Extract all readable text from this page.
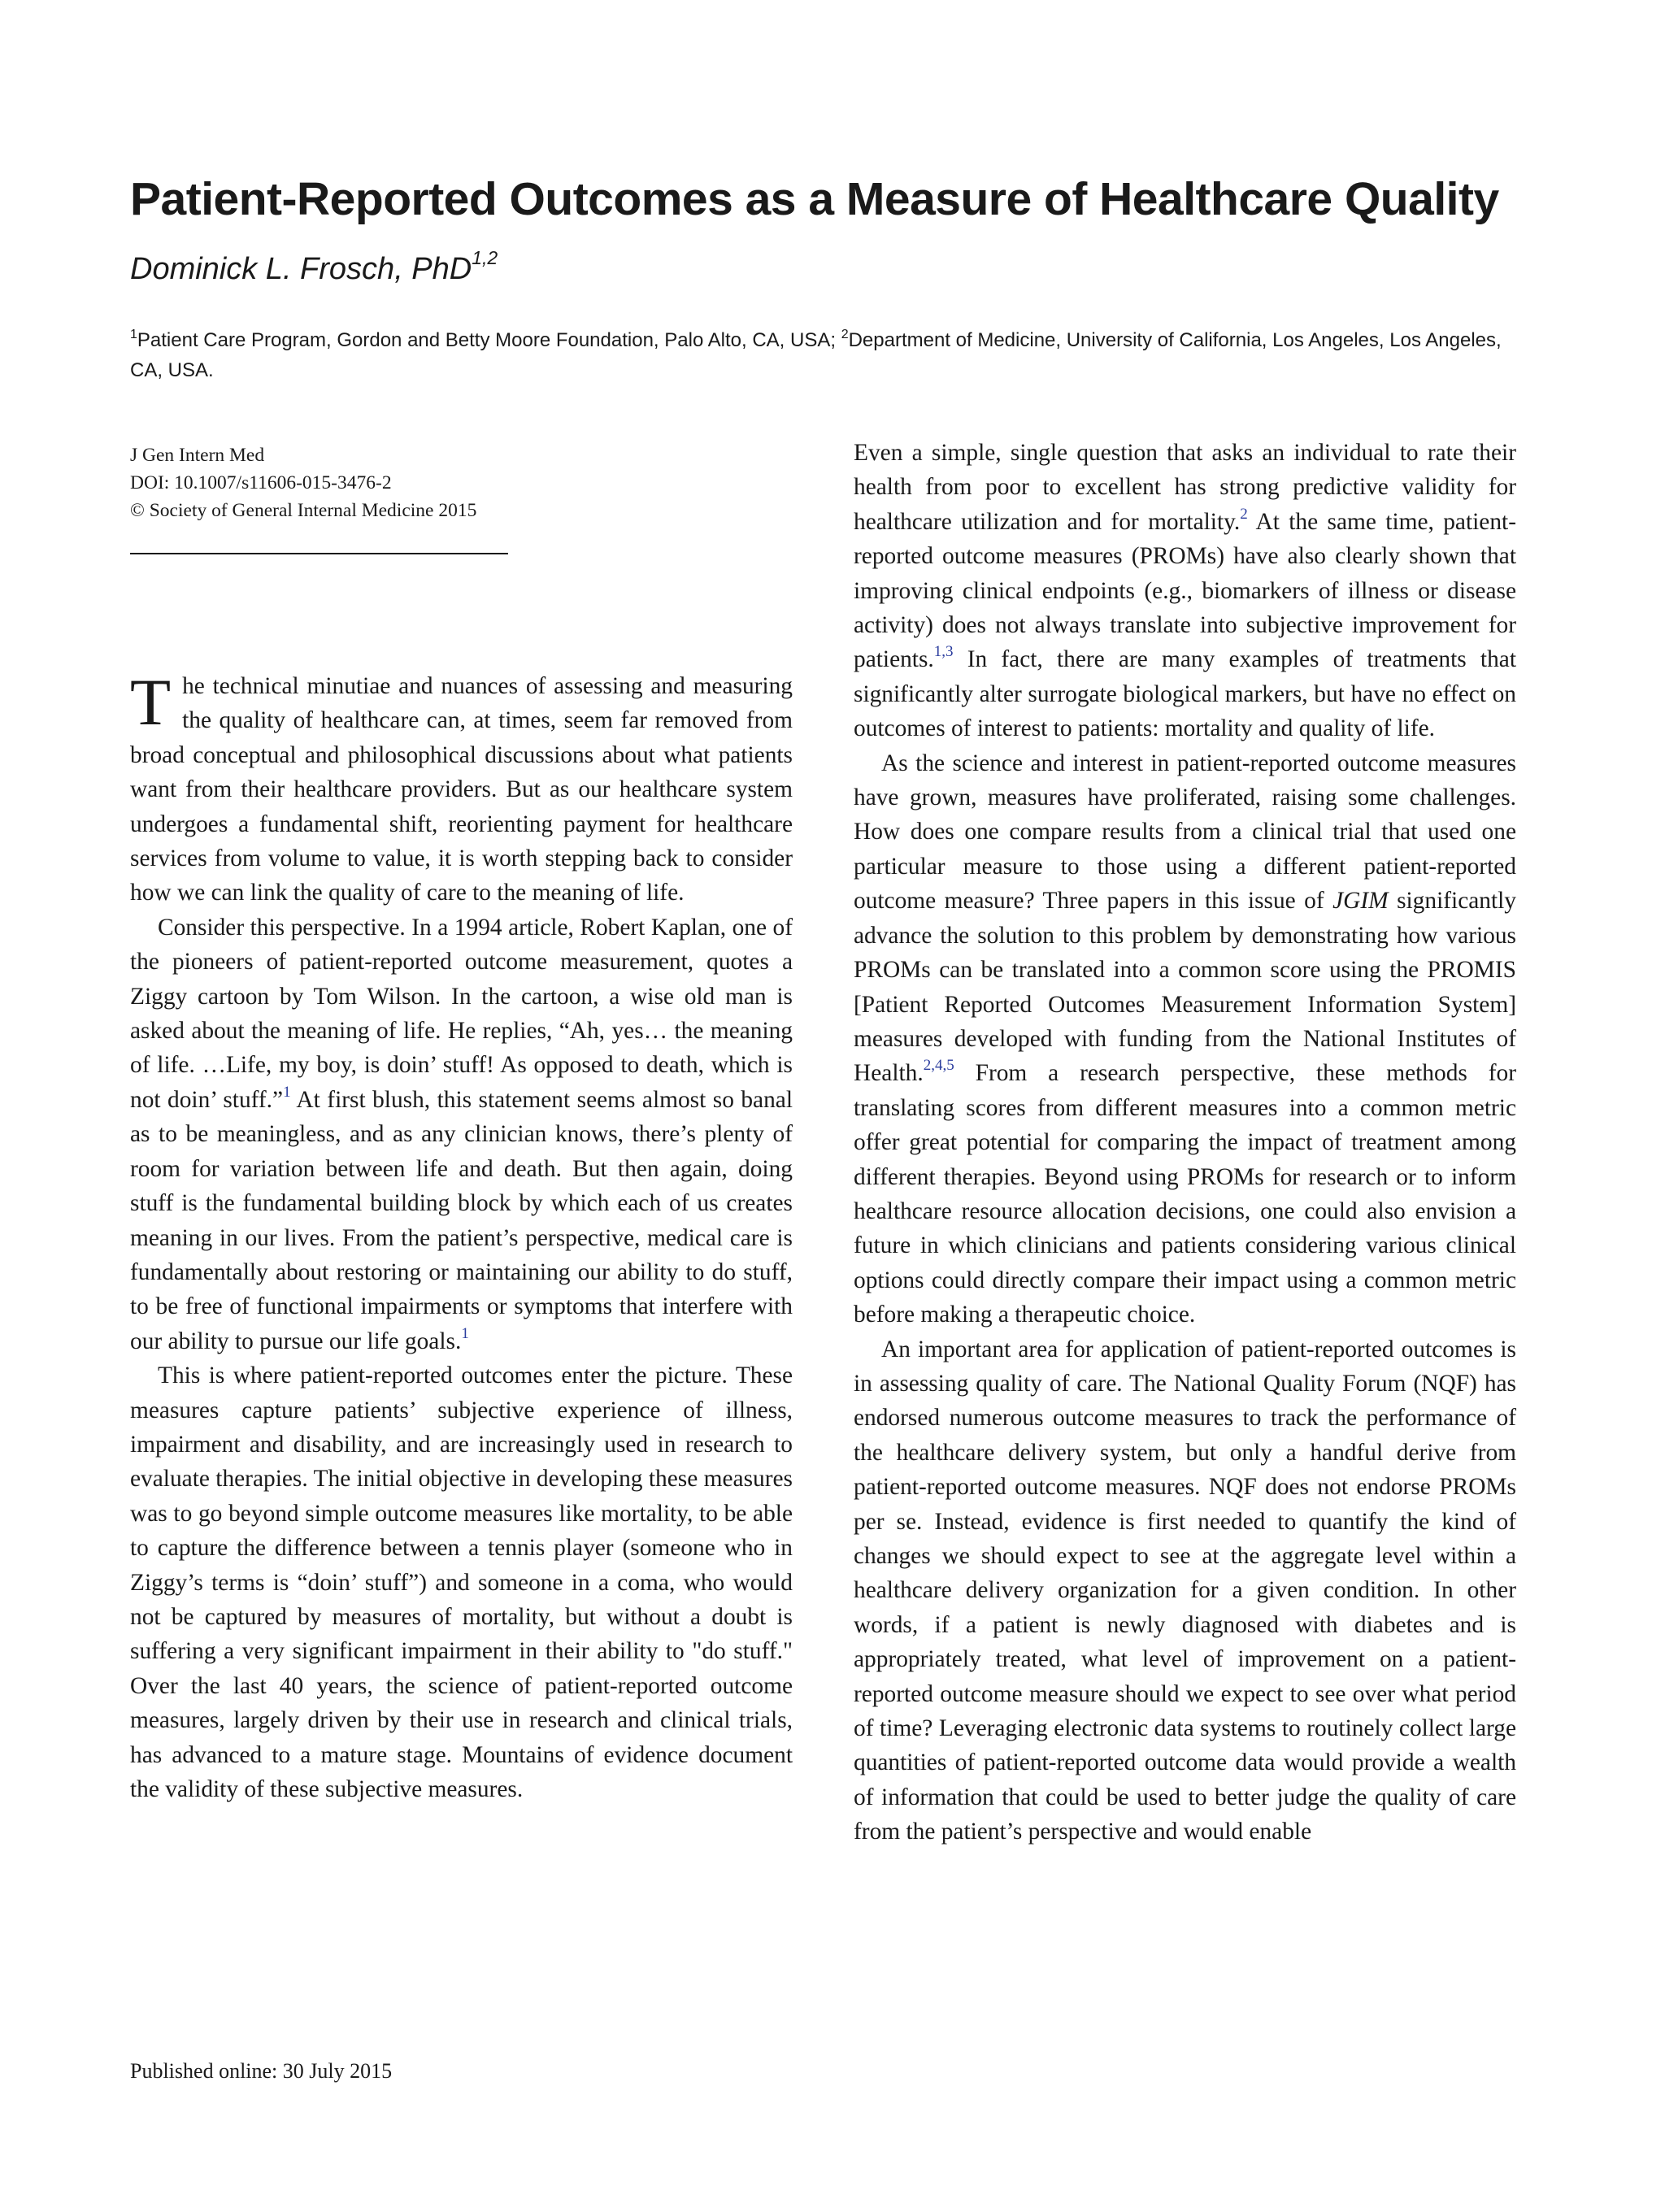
Patient-Reported Outcomes as a Measure of Healthcare Quality
Dominick L. Frosch, PhD$^{1,2}$
$^1$Patient Care Program, Gordon and Betty Moore Foundation, Palo Alto, CA, USA; $^2$Department of Medicine, University of California, Los Angeles, Los Angeles, CA, USA.
J Gen Intern Med
DOI: 10.1007/s11606-015-3476-2
© Society of General Internal Medicine 2015

The technical minutiae and nuances of assessing and measuring the quality of healthcare can, at times, seem far removed from broad conceptual and philosophical discussions about what patients want from their healthcare providers. But as our healthcare system undergoes a fundamental shift, reorienting payment for healthcare services from volume to value, it is worth stepping back to consider how we can link the quality of care to the meaning of life.

Consider this perspective. In a 1994 article, Robert Kaplan, one of the pioneers of patient-reported outcome measurement, quotes a Ziggy cartoon by Tom Wilson. In the cartoon, a wise old man is asked about the meaning of life. He replies, “Ah, yes… the meaning of life. …Life, my boy, is doin’ stuff! As opposed to death, which is not doin’ stuff.”$^1$ At first blush, this statement seems almost so banal as to be meaningless, and as any clinician knows, there’s plenty of room for variation between life and death. But then again, doing stuff is the fundamental building block by which each of us creates meaning in our lives. From the patient’s perspective, medical care is fundamentally about restoring or maintaining our ability to do stuff, to be free of functional impairments or symptoms that interfere with our ability to pursue our life goals.$^1$

This is where patient-reported outcomes enter the picture. These measures capture patients’ subjective experience of illness, impairment and disability, and are increasingly used in research to evaluate therapies. The initial objective in developing these measures was to go beyond simple outcome measures like mortality, to be able to capture the difference between a tennis player (someone who in Ziggy’s terms is “doin’ stuff”) and someone in a coma, who would not be captured by measures of mortality, but without a doubt is suffering a very significant impairment in their ability to "do stuff." Over the last 40 years, the science of patient-reported outcome measures, largely driven by their use in research and clinical trials, has advanced to a mature stage. Mountains of evidence document the validity of these subjective measures.

Even a simple, single question that asks an individual to rate their health from poor to excellent has strong predictive validity for healthcare utilization and for mortality.$^2$ At the same time, patient-reported outcome measures (PROMs) have also clearly shown that improving clinical endpoints (e.g., biomarkers of illness or disease activity) does not always translate into subjective improvement for patients.$^{1,3}$ In fact, there are many examples of treatments that significantly alter surrogate biological markers, but have no effect on outcomes of interest to patients: mortality and quality of life.

As the science and interest in patient-reported outcome measures have grown, measures have proliferated, raising some challenges. How does one compare results from a clinical trial that used one particular measure to those using a different patient-reported outcome measure? Three papers in this issue of JGIM significantly advance the solution to this problem by demonstrating how various PROMs can be translated into a common score using the PROMIS [Patient Reported Outcomes Measurement Information System] measures developed with funding from the National Institutes of Health.$^{2,4,5}$ From a research perspective, these methods for translating scores from different measures into a common metric offer great potential for comparing the impact of treatment among different therapies. Beyond using PROMs for research or to inform healthcare resource allocation decisions, one could also envision a future in which clinicians and patients considering various clinical options could directly compare their impact using a common metric before making a therapeutic choice.

An important area for application of patient-reported outcomes is in assessing quality of care. The National Quality Forum (NQF) has endorsed numerous outcome measures to track the performance of the healthcare delivery system, but only a handful derive from patient-reported outcome measures. NQF does not endorse PROMs per se. Instead, evidence is first needed to quantify the kind of changes we should expect to see at the aggregate level within a healthcare delivery organization for a given condition. In other words, if a patient is newly diagnosed with diabetes and is appropriately treated, what level of improvement on a patient-reported outcome measure should we expect to see over what period of time? Leveraging electronic data systems to routinely collect large quantities of patient-reported outcome data would provide a wealth of information that could be used to better judge the quality of care from the patient’s perspective and would enable

Published online: 30 July 2015
